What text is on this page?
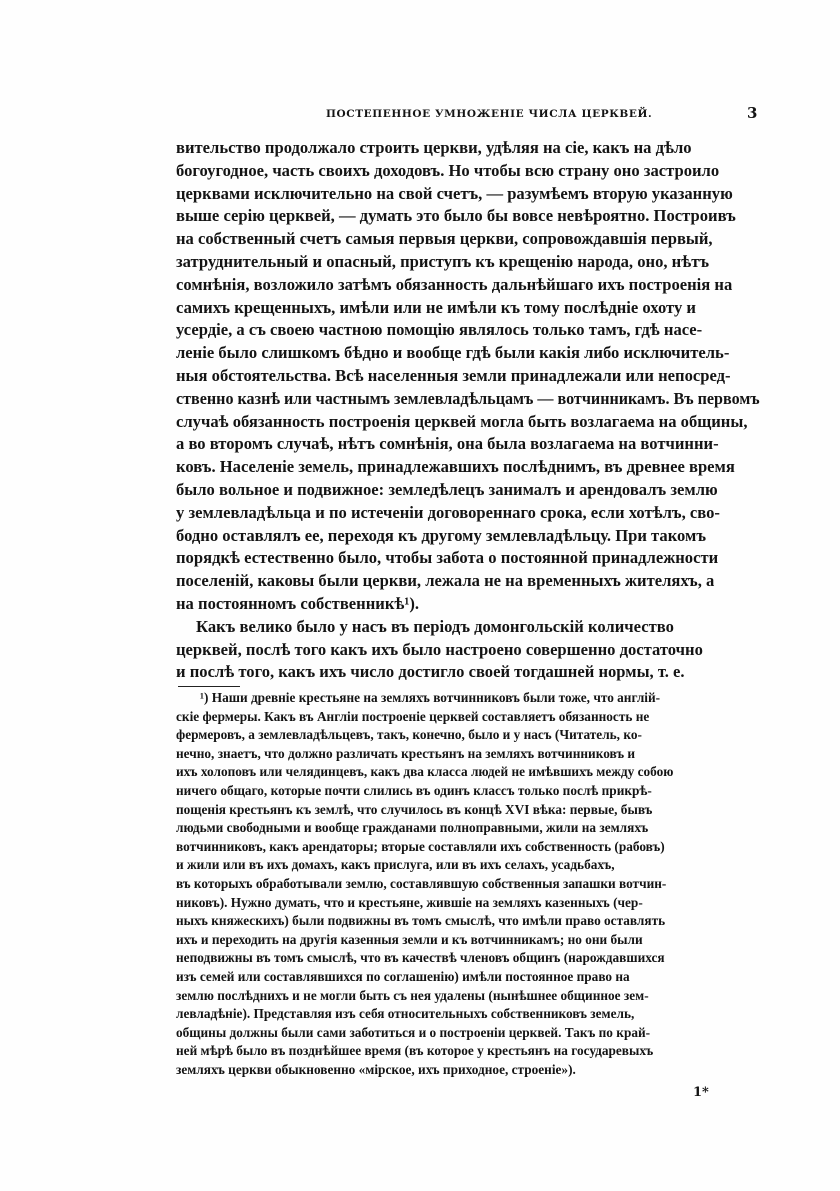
ПОСТЕПЕННОЕ УМНОЖЕНІЕ ЧИСЛА ЦЕРКВЕЙ.	3
вительство продолжало строить церкви, удѣляя на сіе, какъ на дѣло
богоугодное, часть своихъ доходовъ. Но чтобы всю страну оно застроило
церквами исключительно на свой счетъ, — разумѣемъ вторую указанную
выше серію церквей, — думать это было бы вовсе невѣроятно. Построивъ
на собственный счетъ самыя первыя церкви, сопровождавшія первый,
затруднительный и опасный, приступъ къ крещенію народа, оно, нѣтъ
сомнѣнія, возложило затѣмъ обязанность дальнѣйшаго ихъ построенія на
самихъ крещенныхъ, имѣли или не имѣли къ тому послѣдніе охоту и
усердіе, а съ своею частною помощію являлось только тамъ, гдѣ насе-
леніе было слишкомъ бѣдно и вообще гдѣ были какія либо исключитель-
ныя обстоятельства. Всѣ населенныя земли принадлежали или непосред-
ственно казнѣ или частнымъ землевладѣльцамъ — вотчинникамъ. Въ первомъ
случаѣ обязанность построенія церквей могла быть возлагаема на общины,
а во второмъ случаѣ, нѣтъ сомнѣнія, она была возлагаема на вотчинни-
ковъ. Населеніе земель, принадлежавшихъ послѣднимъ, въ древнее время
было вольное и подвижное: земледѣлецъ занималъ и арендовалъ землю
у землевладѣльца и по истеченіи договореннаго срока, если хотѣлъ, сво-
бодно оставлялъ ее, переходя къ другому землевладѣльцу. При такомъ
порядкѣ естественно было, чтобы забота о постоянной принадлежности
поселеній, каковы были церкви, лежала не на временныхъ жителяхъ, а
на постоянномъ собственникѣ¹).
Какъ велико было у насъ въ періодъ домонгольскій количество
церквей, послѣ того какъ ихъ было настроено совершенно достаточно
и послѣ того, какъ ихъ число достигло своей тогдашней нормы, т. е.
¹) Наши древніе крестьяне на земляхъ вотчинниковъ были тоже, что англій-
скіе фермеры. Какъ въ Англіи построеніе церквей составляетъ обязанность не
фермеровъ, а землевладѣльцевъ, такъ, конечно, было и у насъ (Читатель, ко-
нечно, знаетъ, что должно различать крестьянъ на земляхъ вотчинниковъ и
ихъ холоповъ или челядинцевъ, какъ два класса людей не имѣвшихъ между собою
ничего общаго, которые почти слились въ одинъ классъ только послѣ прикрѣ-
пощенія крестьянъ къ землѣ, что случилось въ концѣ XVI вѣка: первые, бывъ
людьми свободными и вообще гражданами полноправными, жили на земляхъ
вотчинниковъ, какъ арендаторы; вторые составляли ихъ собственность (рабовъ)
и жили или въ ихъ домахъ, какъ прислуга, или въ ихъ селахъ, усадьбахъ,
въ которыхъ обработывали землю, составлявшую собственныя запашки вотчин-
никовъ). Нужно думать, что и крестьяне, жившіе на земляхъ казенныхъ (чер-
ныхъ княжескихъ) были подвижны въ томъ смыслѣ, что имѣли право оставлять
ихъ и переходить на другія казенныя земли и къ вотчинникамъ; но они были
неподвижны въ томъ смыслѣ, что въ качествѣ членовъ общинъ (нарождавшихся
изъ семей или составлявшихся по соглашенію) имѣли постоянное право на
землю послѣднихъ и не могли быть съ нея удалены (нынѣшнее общинное зем-
левладѣніе). Представляя изъ себя относительныхъ собственниковъ земель,
общины должны были сами заботиться и о построеніи церквей. Такъ по край-
ней мѣрѣ было въ позднѣйшее время (въ которое у крестьянъ на государевыхъ
земляхъ церкви обыкновенно «мірское, ихъ приходное, строеніе»).
1*
